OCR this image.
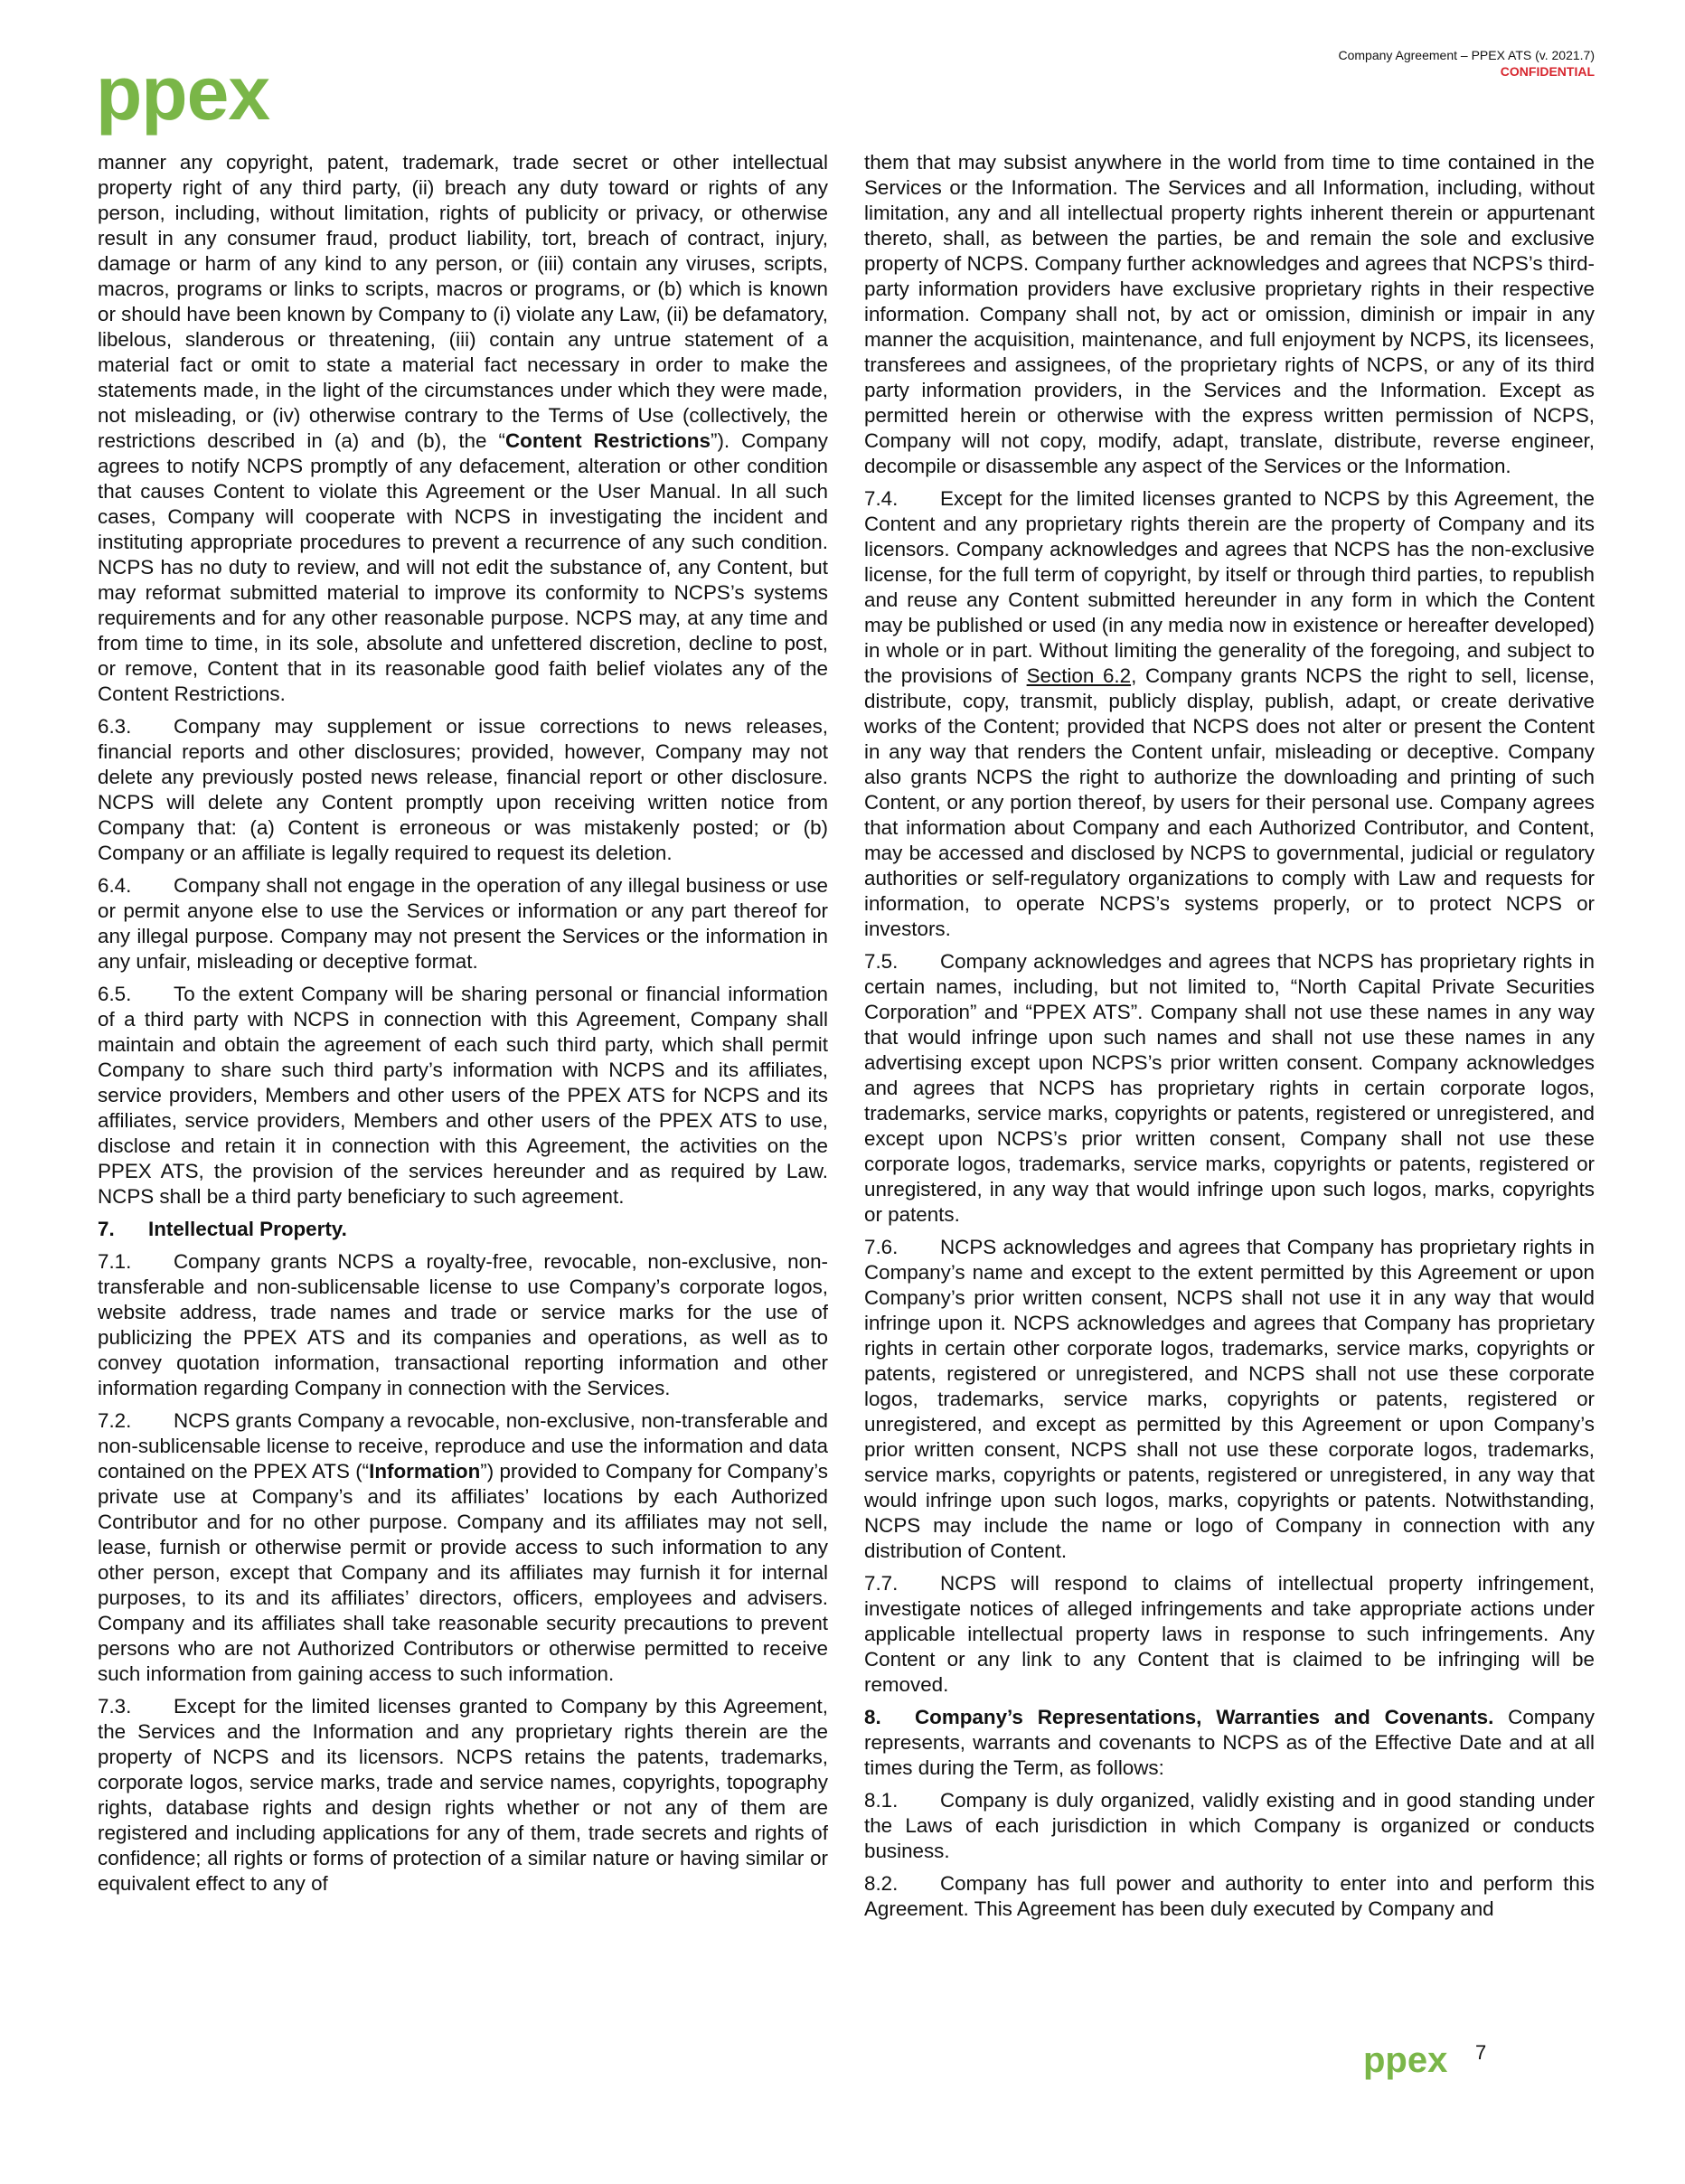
Company Agreement – PPEX ATS (v. 2021.7)
CONFIDENTIAL
ppex

manner any copyright, patent, trademark, trade secret or other intellectual property right of any third party, (ii) breach any duty toward or rights of any person, including, without limitation, rights of publicity or privacy, or otherwise result in any consumer fraud, product liability, tort, breach of contract, injury, damage or harm of any kind to any person, or (iii) contain any viruses, scripts, macros, programs or links to scripts, macros or programs, or (b) which is known or should have been known by Company to (i) violate any Law, (ii) be defamatory, libelous, slanderous or threatening, (iii) contain any untrue statement of a material fact or omit to state a material fact necessary in order to make the statements made, in the light of the circumstances under which they were made, not misleading, or (iv) otherwise contrary to the Terms of Use (collectively, the restrictions described in (a) and (b), the “Content Restrictions”). Company agrees to notify NCPS promptly of any defacement, alteration or other condition that causes Content to violate this Agreement or the User Manual. In all such cases, Company will cooperate with NCPS in investigating the incident and instituting appropriate procedures to prevent a recurrence of any such condition. NCPS has no duty to review, and will not edit the substance of, any Content, but may reformat submitted material to improve its conformity to NCPS’s systems requirements and for any other reasonable purpose. NCPS may, at any time and from time to time, in its sole, absolute and unfettered discretion, decline to post, or remove, Content that in its reasonable good faith belief violates any of the Content Restrictions.

6.3. Company may supplement or issue corrections to news releases, financial reports and other disclosures; provided, however, Company may not delete any previously posted news release, financial report or other disclosure. NCPS will delete any Content promptly upon receiving written notice from Company that: (a) Content is erroneous or was mistakenly posted; or (b) Company or an affiliate is legally required to request its deletion.

6.4. Company shall not engage in the operation of any illegal business or use or permit anyone else to use the Services or information or any part thereof for any illegal purpose. Company may not present the Services or the information in any unfair, misleading or deceptive format.

6.5. To the extent Company will be sharing personal or financial information of a third party with NCPS in connection with this Agreement, Company shall maintain and obtain the agreement of each such third party, which shall permit Company to share such third party’s information with NCPS and its affiliates, service providers, Members and other users of the PPEX ATS for NCPS and its affiliates, service providers, Members and other users of the PPEX ATS to use, disclose and retain it in connection with this Agreement, the activities on the PPEX ATS, the provision of the services hereunder and as required by Law. NCPS shall be a third party beneficiary to such agreement.

7. Intellectual Property.

7.1. Company grants NCPS a royalty-free, revocable, non-exclusive, non-transferable and non-sublicensable license to use Company’s corporate logos, website address, trade names and trade or service marks for the use of publicizing the PPEX ATS and its companies and operations, as well as to convey quotation information, transactional reporting information and other information regarding Company in connection with the Services.

7.2. NCPS grants Company a revocable, non-exclusive, non-transferable and non-sublicensable license to receive, reproduce and use the information and data contained on the PPEX ATS (“Information”) provided to Company for Company’s private use at Company’s and its affiliates’ locations by each Authorized Contributor and for no other purpose. Company and its affiliates may not sell, lease, furnish or otherwise permit or provide access to such information to any other person, except that Company and its affiliates may furnish it for internal purposes, to its and its affiliates’ directors, officers, employees and advisers. Company and its affiliates shall take reasonable security precautions to prevent persons who are not Authorized Contributors or otherwise permitted to receive such information from gaining access to such information.

7.3. Except for the limited licenses granted to Company by this Agreement, the Services and the Information and any proprietary rights therein are the property of NCPS and its licensors. NCPS retains the patents, trademarks, corporate logos, service marks, trade and service names, copyrights, topography rights, database rights and design rights whether or not any of them are registered and including applications for any of them, trade secrets and rights of confidence; all rights or forms of protection of a similar nature or having similar or equivalent effect to any of

them that may subsist anywhere in the world from time to time contained in the Services or the Information. The Services and all Information, including, without limitation, any and all intellectual property rights inherent therein or appurtenant thereto, shall, as between the parties, be and remain the sole and exclusive property of NCPS. Company further acknowledges and agrees that NCPS’s third-party information providers have exclusive proprietary rights in their respective information. Company shall not, by act or omission, diminish or impair in any manner the acquisition, maintenance, and full enjoyment by NCPS, its licensees, transferees and assignees, of the proprietary rights of NCPS, or any of its third party information providers, in the Services and the Information. Except as permitted herein or otherwise with the express written permission of NCPS, Company will not copy, modify, adapt, translate, distribute, reverse engineer, decompile or disassemble any aspect of the Services or the Information.

7.4. Except for the limited licenses granted to NCPS by this Agreement, the Content and any proprietary rights therein are the property of Company and its licensors. Company acknowledges and agrees that NCPS has the non-exclusive license, for the full term of copyright, by itself or through third parties, to republish and reuse any Content submitted hereunder in any form in which the Content may be published or used (in any media now in existence or hereafter developed) in whole or in part. Without limiting the generality of the foregoing, and subject to the provisions of Section 6.2, Company grants NCPS the right to sell, license, distribute, copy, transmit, publicly display, publish, adapt, or create derivative works of the Content; provided that NCPS does not alter or present the Content in any way that renders the Content unfair, misleading or deceptive. Company also grants NCPS the right to authorize the downloading and printing of such Content, or any portion thereof, by users for their personal use. Company agrees that information about Company and each Authorized Contributor, and Content, may be accessed and disclosed by NCPS to governmental, judicial or regulatory authorities or self-regulatory organizations to comply with Law and requests for information, to operate NCPS’s systems properly, or to protect NCPS or investors.

7.5. Company acknowledges and agrees that NCPS has proprietary rights in certain names, including, but not limited to, “North Capital Private Securities Corporation” and “PPEX ATS”. Company shall not use these names in any way that would infringe upon such names and shall not use these names in any advertising except upon NCPS’s prior written consent. Company acknowledges and agrees that NCPS has proprietary rights in certain corporate logos, trademarks, service marks, copyrights or patents, registered or unregistered, and except upon NCPS’s prior written consent, Company shall not use these corporate logos, trademarks, service marks, copyrights or patents, registered or unregistered, in any way that would infringe upon such logos, marks, copyrights or patents.

7.6. NCPS acknowledges and agrees that Company has proprietary rights in Company’s name and except to the extent permitted by this Agreement or upon Company’s prior written consent, NCPS shall not use it in any way that would infringe upon it. NCPS acknowledges and agrees that Company has proprietary rights in certain other corporate logos, trademarks, service marks, copyrights or patents, registered or unregistered, and NCPS shall not use these corporate logos, trademarks, service marks, copyrights or patents, registered or unregistered, and except as permitted by this Agreement or upon Company’s prior written consent, NCPS shall not use these corporate logos, trademarks, service marks, copyrights or patents, registered or unregistered, in any way that would infringe upon such logos, marks, copyrights or patents. Notwithstanding, NCPS may include the name or logo of Company in connection with any distribution of Content.

7.7. NCPS will respond to claims of intellectual property infringement, investigate notices of alleged infringements and take appropriate actions under applicable intellectual property laws in response to such infringements. Any Content or any link to any Content that is claimed to be infringing will be removed.

8. Company’s Representations, Warranties and Covenants. Company represents, warrants and covenants to NCPS as of the Effective Date and at all times during the Term, as follows:

8.1. Company is duly organized, validly existing and in good standing under the Laws of each jurisdiction in which Company is organized or conducts business.

8.2. Company has full power and authority to enter into and perform this Agreement. This Agreement has been duly executed by Company and

ppex 7
